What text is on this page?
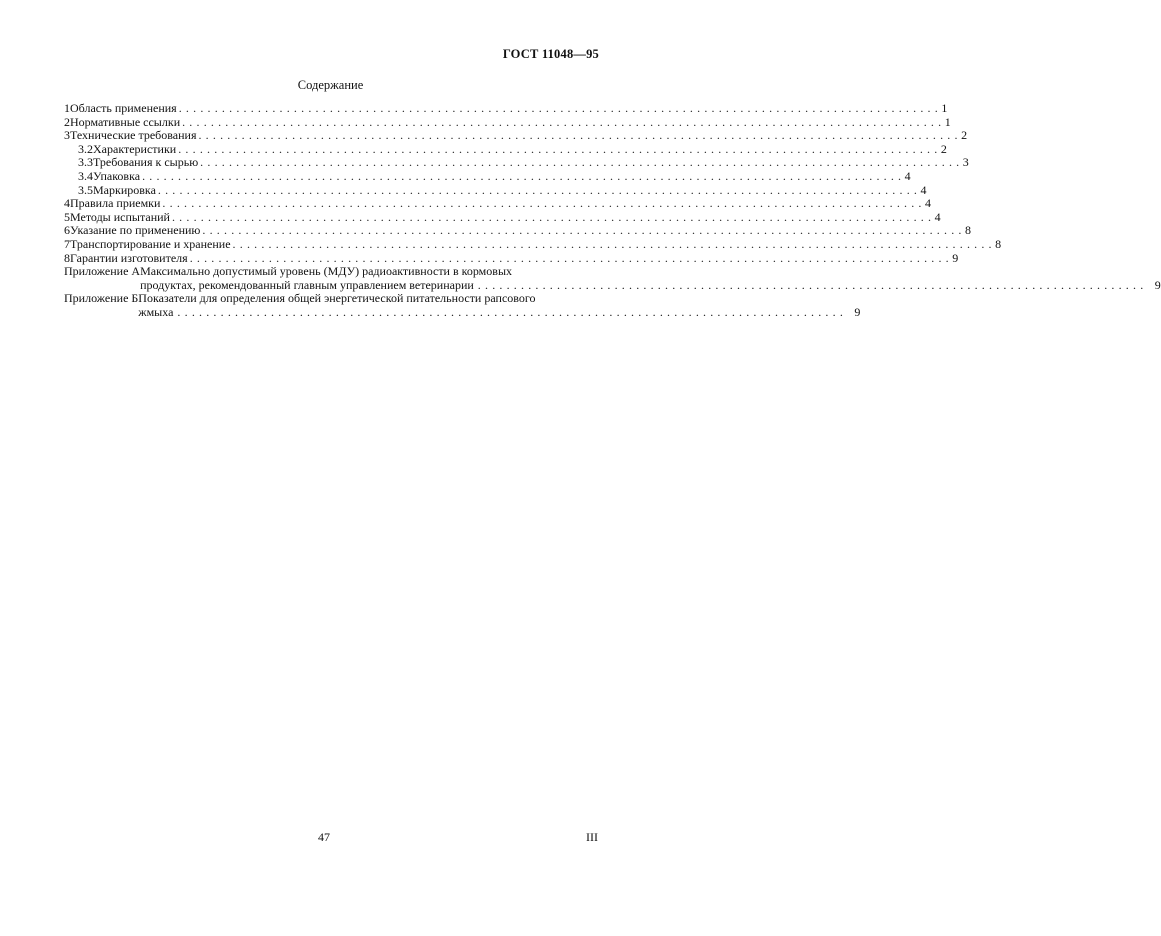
ГОСТ 11048—95
Содержание
1 Область применения . . .	1
2 Нормативные ссылки . . .	1
3 Технические требования . . .	2
3.2 Характеристики . . .	2
3.3 Требования к сырью . . .	3
3.4 Упаковка . . .	4
3.5 Маркировка . . .	4
4 Правила приемки . . .	4
5 Методы испытаний . . .	4
6 Указание по применению . . .	8
7 Транспортирование и хранение . . .	8
8 Гарантии изготовителя . . .	9
Приложение А Максимально допустимый уровень (МДУ) радиоактивности в кормовых
продуктах, рекомендованный главным управлением ветеринарии . . .	9
Приложение Б Показатели для определения общей энергетической питательности рапсового
жмыха . . .	9
47	III
